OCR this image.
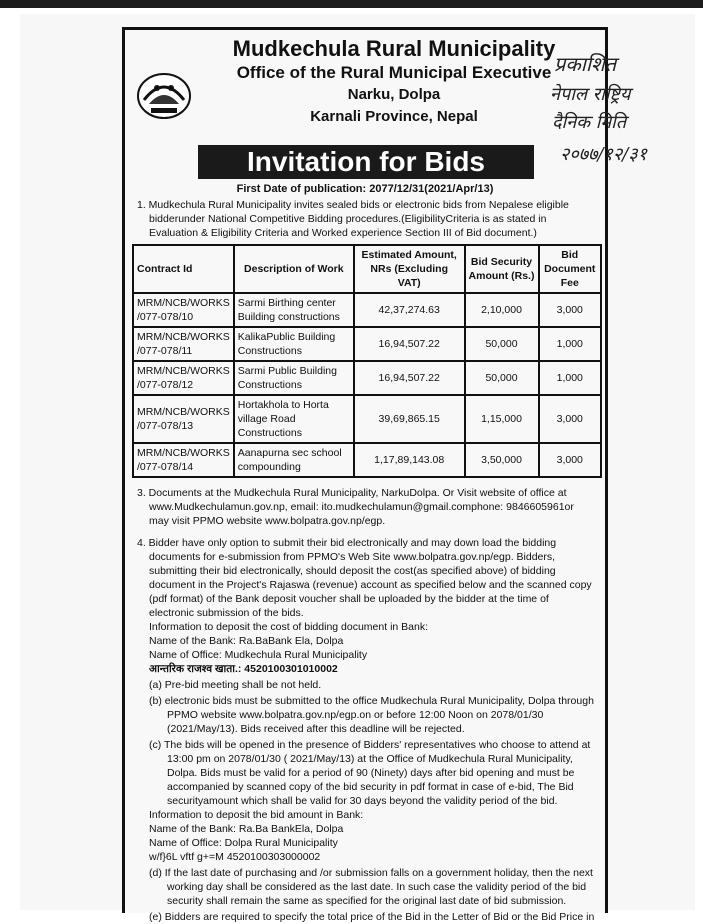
Mudkechula Rural Municipality
Office of the Rural Municipal Executive
Narku, Dolpa
Karnali Province, Nepal
Invitation for Bids
First Date of publication: 2077/12/31(2021/Apr/13)

1. Mudkechula Rural Municipality invites sealed bids or electronic bids from Nepalese eligible bidderunder National Competitive Bidding procedures.(EligibilityCriteria is as stated in Evaluation & Eligibility Criteria and Worked experience Section III of Bid document.)

Contract Id	Description of Work	Estimated Amount, NRs (Excluding VAT)	Bid Security Amount (Rs.)	Bid Document Fee
MRM/NCB/WORKS /077-078/10	Sarmi Birthing center Building constructions	42,37,274.63	2,10,000	3,000
MRM/NCB/WORKS /077-078/11	KalikaPublic Building Constructions	16,94,507.22	50,000	1,000
MRM/NCB/WORKS /077-078/12	Sarmi Public Building Constructions	16,94,507.22	50,000	1,000
MRM/NCB/WORKS /077-078/13	Hortakhola to Horta village Road Constructions	39,69,865.15	1,15,000	3,000
MRM/NCB/WORKS /077-078/14	Aanapurna sec school compounding	1,17,89,143.08	3,50,000	3,000

3. Documents at the Mudkechula Rural Municipality, NarkuDolpa. Or Visit website of office at www.Mudkechulamun.gov.np, email: ito.mudkechulamun@gmail.comphone: 9846605961or may visit PPMO website www.bolpatra.gov.np/egp.

4. Bidder have only option to submit their bid electronically and may down load the bidding documents for e-submission from PPMO's Web Site www.bolpatra.gov.np/egp. Bidders, submitting their bid electronically, should deposit the cost(as specified above) of bidding document in the Project's Rajaswa (revenue) account as specified below and the scanned copy (pdf format) of the Bank deposit voucher shall be uploaded by the bidder at the time of electronic submission of the bids.

Information to deposit the cost of bidding document in Bank:

Name of the Bank: Ra.BaBank Ela, Dolpa

Name of Office: Mudkechula Rural Municipality

आन्तरिक राजश्व खाता.: 4520100301010002

(a) Pre-bid meeting shall be not held.

(b) electronic bids must be submitted to the office Mudkechula Rural Municipality, Dolpa through PPMO website www.bolpatra.gov.np/egp.on or before 12:00 Noon on 2078/01/30 (2021/May/13). Bids received after this deadline will be rejected.

(c) The bids will be opened in the presence of Bidders' representatives who choose to attend at 13:00 pm on 2078/01/30 ( 2021/May/13) at the Office of Mudkechula Rural Municipality, Dolpa. Bids must be valid for a period of 90 (Ninety) days after bid opening and must be accompanied by scanned copy of the bid security in pdf format in case of e-bid, The Bid securityamount which shall be valid for 30 days beyond the validity period of the bid.

Information to deposit the bid amount in Bank:

Name of the Bank: Ra.Ba BankEla, Dolpa

Name of Office: Dolpa Rural Municipality

w/f}6L vftf g+=M 4520100303000002

(d) If the last date of purchasing and /or submission falls on a government holiday, then the next working day shall be considered as the last date. In such case the validity period of the bid security shall remain the same as specified for the original last date of bid submission.

(e) Bidders are required to specify the total price of the Bid in the Letter of Bid or the Bid Price in

प्रकाशित
नेपाल राष्ट्रिय
दैनिक मिति
२०७७/१२/३१
